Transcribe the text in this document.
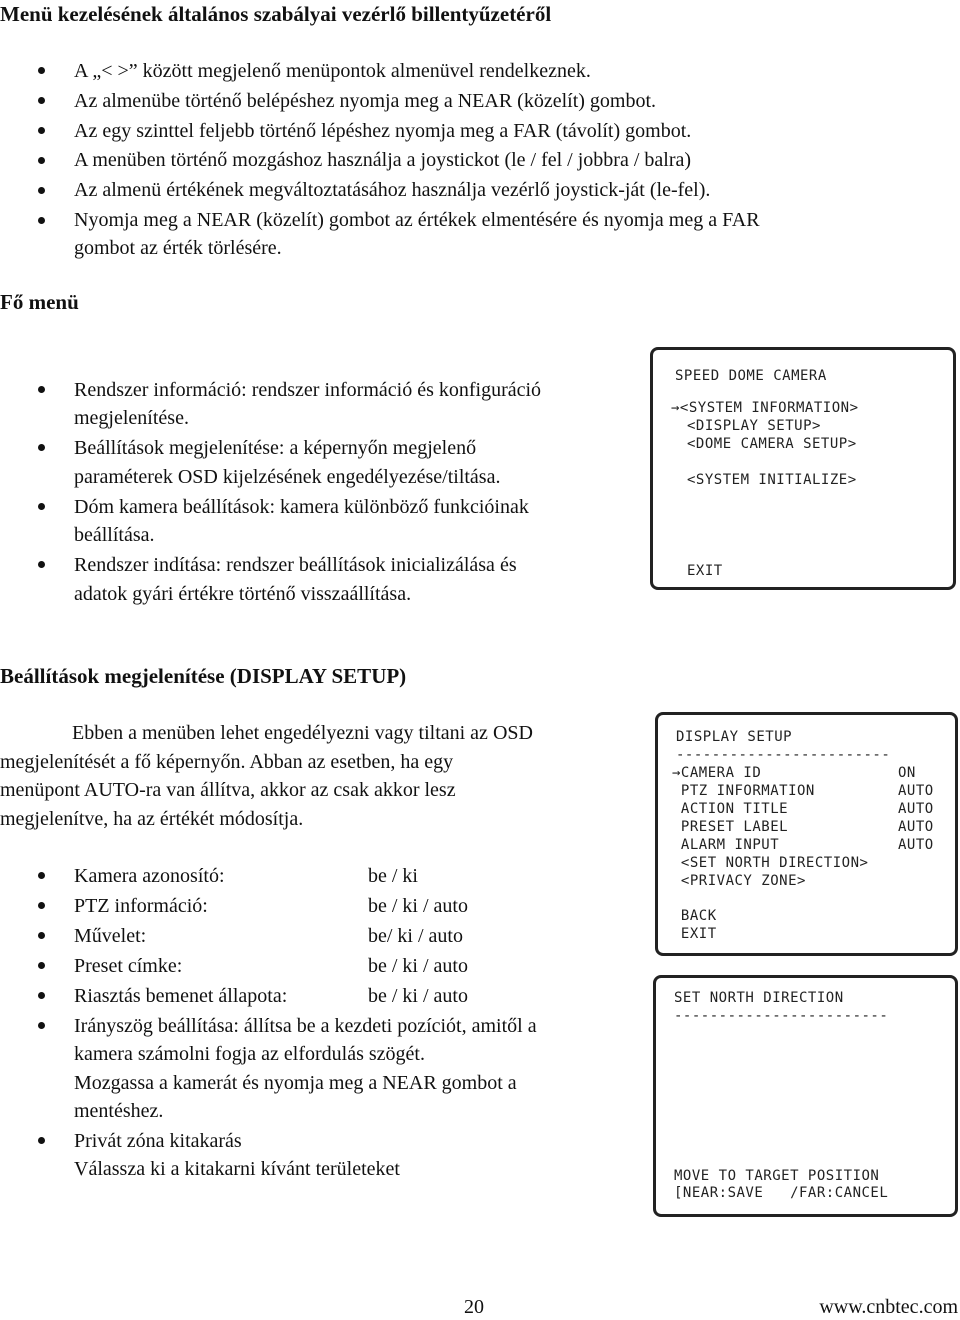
Menü kezelésének általános szabályai vezérlő billentyűzetéről
A „< >” között megjelenő menüpontok almenüvel rendelkeznek.
Az almenübe történő belépéshez nyomja meg a NEAR (közelít) gombot.
Az egy szinttel feljebb történő lépéshez nyomja meg a FAR (távolít) gombot.
A menüben történő mozgáshoz használja a joystickot (le / fel / jobbra / balra)
Az almenü értékének megváltoztatásához használja vezérlő joystick-ját (le-fel).
Nyomja meg a NEAR (közelít) gombot az értékek elmentésére és nyomja meg a FAR
gombot az érték törlésére.
Fő menü
Rendszer információ: rendszer információ és konfiguráció
megjelenítése.
Beállítások megjelenítése: a képernyőn megjelenő
paraméterek OSD kijelzésének engedélyezése/tiltása.
Dóm kamera beállítások: kamera különböző funkcióinak
beállítása.
Rendszer indítása: rendszer beállítások inicializálása és
adatok gyári értékre történő visszaállítása.
SPEED DOME CAMERA
→<SYSTEM INFORMATION>
<DISPLAY SETUP>
<DOME CAMERA SETUP>
<SYSTEM INITIALIZE>
EXIT
Beállítások megjelenítése (DISPLAY SETUP)
Ebben a menüben lehet engedélyezni vagy tiltani az OSD
megjelenítését a fő képernyőn. Abban az esetben, ha egy
menüpont AUTO-ra van állítva, akkor az csak akkor lesz
megjelenítve, ha az értékét módosítja.
Kamera azonosító:	be / ki
PTZ információ:	be / ki / auto
Művelet:	be/ ki / auto
Preset címke:	be / ki / auto
Riasztás bemenet állapota:	be / ki / auto
Irányszög beállítása: állítsa be a kezdeti pozíciót, amitől a
kamera számolni fogja az elfordulás szögét.
Mozgassa a kamerát és nyomja meg a NEAR gombot a
mentéshez.
Privát zóna kitakarás
Válassza ki a kitakarni kívánt területeket
DISPLAY SETUP
------------------------
→CAMERA ID	ON
PTZ INFORMATION	AUTO
ACTION TITLE	AUTO
PRESET LABEL	AUTO
ALARM INPUT	AUTO
<SET NORTH DIRECTION>
<PRIVACY ZONE>
BACK
EXIT
SET NORTH DIRECTION
------------------------
MOVE TO TARGET POSITION
[NEAR:SAVE   /FAR:CANCEL
20	www.cnbtec.com
